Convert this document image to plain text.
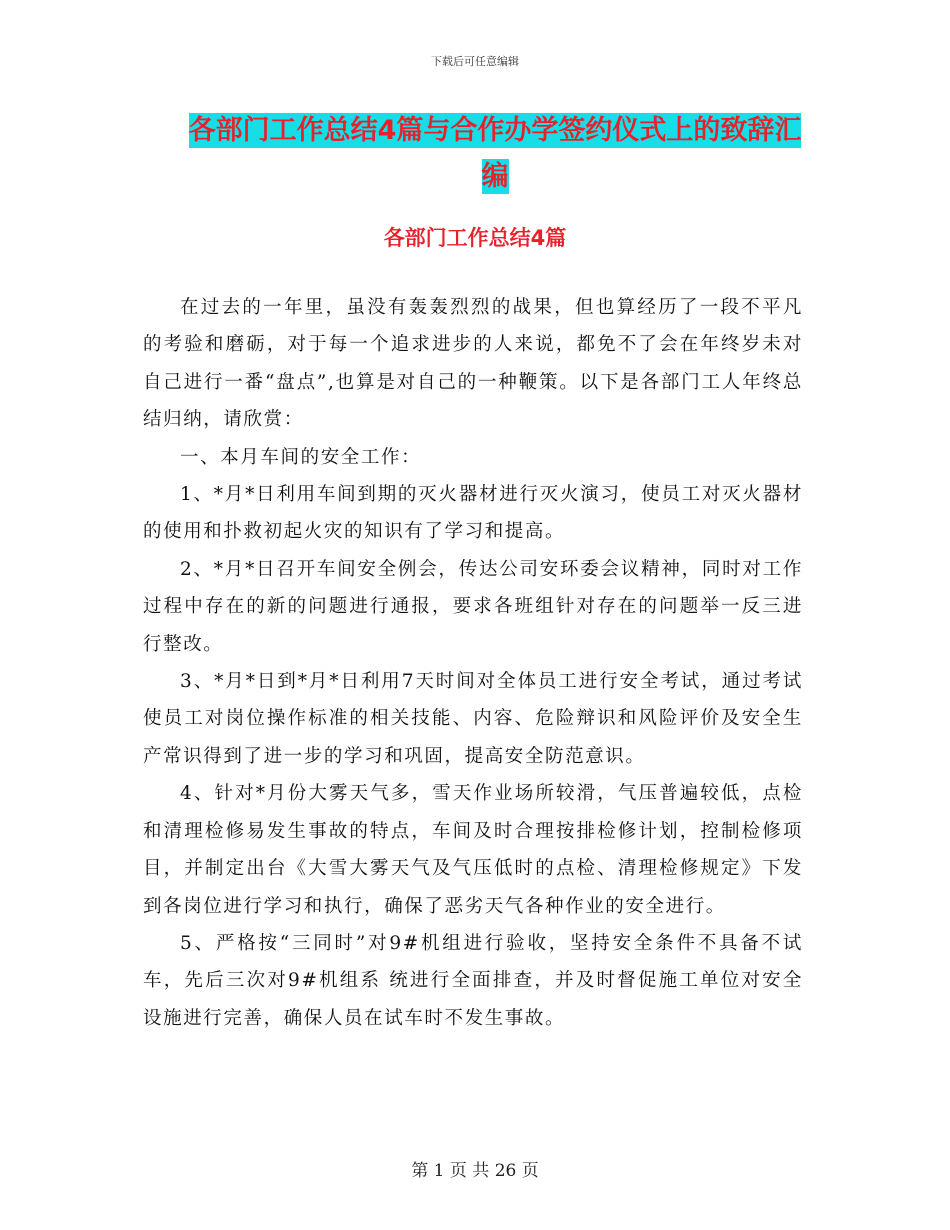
下载后可任意编辑
各部门工作总结4篇与合作办学签约仪式上的致辞汇编
各部门工作总结4篇

在过去的一年里，虽没有轰轰烈烈的战果，但也算经历了一段不平凡的考验和磨砺，对于每一个追求进步的人来说，都免不了会在年终岁未对自己进行一番“盘点”,也算是对自己的一种鞭策。以下是各部门工人年终总结归纳，请欣赏：

一、本月车间的安全工作：

1、*月*日利用车间到期的灭火器材进行灭火演习，使员工对灭火器材的使用和扑救初起火灾的知识有了学习和提高。

2、*月*日召开车间安全例会，传达公司安环委会议精神，同时对工作过程中存在的新的问题进行通报，要求各班组针对存在的问题举一反三进行整改。

3、*月*日到*月*日利用7天时间对全体员工进行安全考试，通过考试使员工对岗位操作标准的相关技能、内容、危险辩识和风险评价及安全生产常识得到了进一步的学习和巩固，提高安全防范意识。

4、针对*月份大雾天气多，雪天作业场所较滑，气压普遍较低，点检和清理检修易发生事故的特点，车间及时合理按排检修计划，控制检修项目，并制定出台《大雪大雾天气及气压低时的点检、清理检修规定》下发到各岗位进行学习和执行，确保了恶劣天气各种作业的安全进行。

5、严格按“三同时”对9#机组进行验收，坚持安全条件不具备不试车，先后三次对9#机组系 统进行全面排查，并及时督促施工单位对安全设施进行完善，确保人员在试车时不发生事故。

第 1 页 共 26 页
